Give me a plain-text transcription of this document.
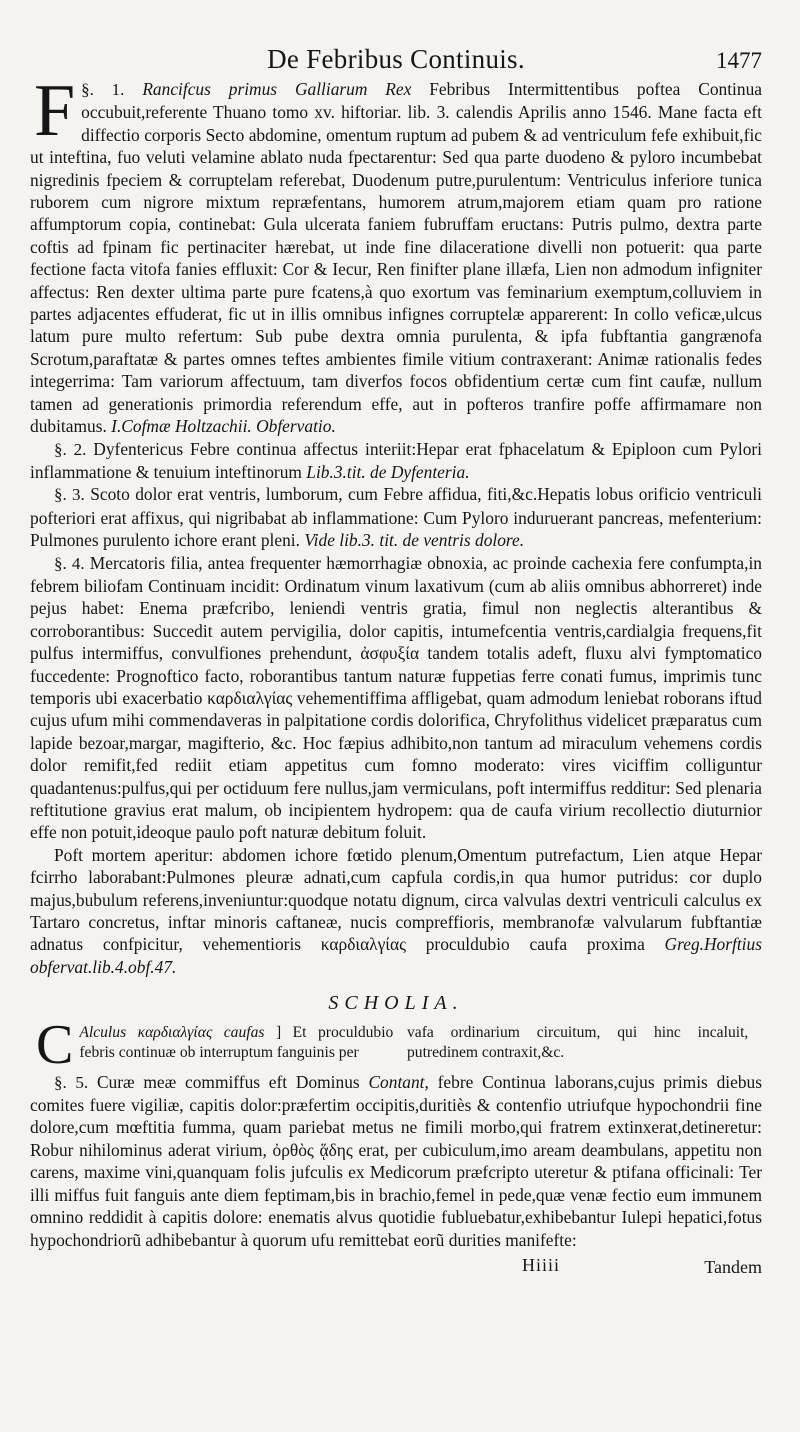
De Febribus Continuis.	1477

§. 1.
F	Rancifcus primus Galliarum Rex Febribus Intermittentibus poftea Continua occubuit,referente Thuano tomo xv. hiftoriar. lib. 3. calendis Aprilis anno 1546. Mane facta eft diffectio corporis Secto abdomine, omentum ruptum ad pubem & ad ventriculum fefe exhibuit,fic ut inteftina, fuo veluti velamine ablato nuda fpectarentur: Sed qua parte duodeno & pyloro incumbebat nigredinis fpeciem & corruptelam referebat, Duodenum putre,purulentum: Ventriculus inferiore tunica ruborem cum nigrore mixtum repræfentans, humorem atrum,majorem etiam quam pro ratione affumptorum copia, continebat: Gula ulcerata faniem fubruffam eructans: Putris pulmo, dextra parte coftis ad fpinam fic pertinaciter hærebat, ut inde fine dilaceratione divelli non potuerit: qua parte fectione facta vitofa fanies effluxit: Cor & Iecur, Ren finifter plane illæfa, Lien non admodum infigniter affectus: Ren dexter ultima parte pure fcatens,à quo exortum vas feminarium exemptum,colluviem in partes adjacentes effuderat, fic ut in illis omnibus infignes corruptelæ apparerent: In collo veficæ,ulcus latum pure multo refertum: Sub pube dextra omnia purulenta, & ipfa fubftantia gangrænofa Scrotum,paraftatæ & partes omnes teftes ambientes fimile vitium contraxerant: Animæ rationalis fedes integerrima: Tam variorum affectuum, tam diverfos focos obfidentium certæ cum fint caufæ, nullum tamen ad generationis primordia referendum effe, aut in pofteros tranfire poffe affirmamare non dubitamus. I.Cofmæ Holtzachii. Obfervatio.

§. 2. Dyfentericus Febre continua affectus interiit:Hepar erat fphacelatum & Epiploon cum Pylori inflammatione & tenuium inteftinorum Lib.3.tit. de Dyfenteria.

§. 3. Scoto dolor erat ventris, lumborum, cum Febre affidua, fiti,&c.Hepatis lobus orificio ventriculi pofteriori erat affixus, qui nigribabat ab inflammatione: Cum Pyloro induruerant pancreas, mefenterium: Pulmones purulento ichore erant pleni. Vide lib.3. tit. de ventris dolore.

§. 4. Mercatoris filia, antea frequenter hæmorrhagiæ obnoxia, ac proinde cachexia fere confumpta,in febrem biliofam Continuam incidit: Ordinatum vinum laxativum (cum ab aliis omnibus abhorreret) inde pejus habet: Enema præfcribo, leniendi ventris gratia, fimul non neglectis alterantibus & corroborantibus: Succedit autem pervigilia, dolor capitis, intumefcentia ventris,cardialgia frequens,fit pulfus intermiffus, convulfiones prehendunt, ἀσφυξία tandem totalis adeft, fluxu alvi fymptomatico fuccedente: Prognoftico facto, roborantibus tantum naturæ fuppetias ferre conati fumus, imprimis tunc temporis ubi exacerbatio καρδιαλγίας vehementiffima affligebat, quam admodum leniebat roborans iftud cujus ufum mihi commendaveras in palpitatione cordis dolorifica, Chryfolithus videlicet præparatus cum lapide bezoar,margar, magifterio, &c. Hoc fæpius adhibito,non tantum ad miraculum vehemens cordis dolor remifit,fed rediit etiam appetitus cum fomno moderato: vires viciffim colliguntur quadantenus:pulfus,qui per octiduum fere nullus,jam vermiculans, poft intermiffus redditur: Sed plenaria reftitutione gravius erat malum, ob incipientem hydropem: qua de caufa virium recollectio diuturnior effe non potuit,ideoque paulo poft naturæ debitum foluit.

Poft mortem aperitur: abdomen ichore fœtido plenum,Omentum putrefactum, Lien atque Hepar fcirrho laborabant:Pulmones pleuræ adnati,cum capfula cordis,in qua humor putridus: cor duplo majus,bubulum referens,inveniuntur:quodque notatu dignum, circa valvulas dextri ventriculi calculus ex Tartaro concretus, inftar minoris caftaneæ, nucis compreffioris, membranofæ valvularum fubftantiæ adnatus confpicitur, vehementioris καρδιαλγίας proculdubio caufa proxima Greg.Horftius obfervat.lib.4.obf.47.

SCHOLIA.
C Alculus καρδιαλγίας caufas ] Et proculdubio febris continuæ ob interruptum fanguinis per
vafa ordinarium circuitum, qui hinc incaluit, putredinem contraxit,&c.

§. 5. Curæ meæ commiffus eft Dominus Contant, febre Continua laborans,cujus primis diebus comites fuere vigiliæ, capitis dolor:præfertim occipitis,duritiès & contenfio utriufque hypochondrii fine dolore,cum mœftitia fumma, quam pariebat metus ne fimili morbo,qui fratrem extinxerat,detineretur: Robur nihilominus aderat virium, ὀρθὸς ᾅδης erat, per cubiculum,imo aream deambulans, appetitu non carens, maxime vini,quanquam folis jufculis ex Medicorum præfcripto uteretur & ptifana officinali: Ter illi miffus fuit fanguis ante diem feptimam,bis in brachio,femel in pede,quæ venæ fectio eum immunem omnino reddidit à capitis dolore: enematis alvus quotidie fubluebatur,exhibebantur Iulepi hepatici,fotus hypochondriorũ adhibebantur à quorum ufu remittebat eorũ durities manifefte:

Hiiii	Tandem
